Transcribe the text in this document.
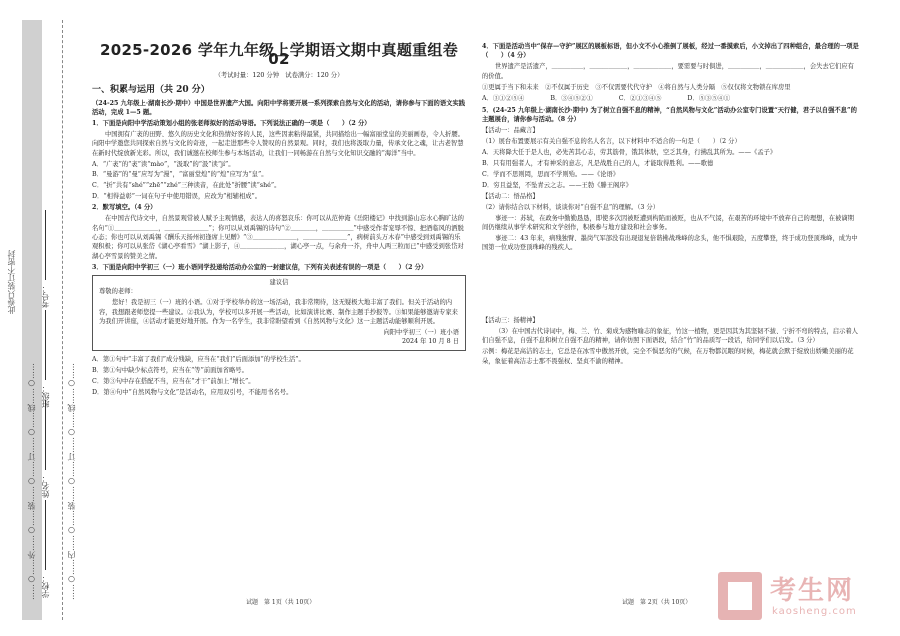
……○……外……○……装……○……订……○……线……○……	……○……内……○……装……○……订……○……线……○……
此卷只装订不密封
学校：
姓名：
班级：
考号：
2025-2026 学年九年级上学期语文期中真题重组卷 02
（考试时量：120 分钟　试卷满分：120 分）
一、积累与运用（共 20 分）

（24-25 九年级上·湖南长沙·期中）中国是世界遗产大国。向阳中学将要开展一系列探索自然与文化的活动，请你参与下面的语文实践活动，完成 1—5 题。

1．下面是向阳中学活动策划小组的张老师拟好的活动导语。下列说法正确的一项是（　　）（2 分）

中国拥有广袤的田野、悠久的历史文化和热情好客的人民，这些因素粘得最紧，共同描绘出一幅富丽堂皇的美丽画卷，令人折腰。向阳中学邀您共同探索自然与文化的奇迹，一起走进那些令人赞叹的自然景观。同时，我们也将汲取力量，传承文化之魂，让古老智慧在新时代绽放新光彩。所以，我们诚邀在校师生参与本场活动，让我们一同畅游在自然与文化知识交融的“海洋”当中。

A．“广袤”的“袤”读“mào”，“汲取”的“汲”读“jí”。

B．“曼游”的“曼”应写为“漫”，“富丽堂煌”的“煌”应写为“皇”。

C．“折”共有“shé”“zhē”“zhé”三种读音，在此处“折腰”读“shé”。

D．“相得益彰”一词在句子中使用错误，应改为“相辅相成”。

2．默写填空。（4 分）

在中国古代诗文中，自然景观常被人赋予主观情感，表达人的喜怒哀乐：你可以从范仲淹《岳阳楼记》中找到游山忘水心胸旷达的名句“①＿＿＿＿＿＿＿，＿＿＿＿＿＿＿”；你可以从刘禹锡的诗句“②＿＿＿＿，＿＿＿＿＿”中感受作者宠辱不惊、把酒临风的洒脱心态；你也可以从刘禹锡《酬乐天扬州初逢席上见赠》“③＿＿＿＿＿＿＿，＿＿＿＿＿＿＿”，病树前头万木春”中感受到刘禹锡的乐观积极；你可以从张岱《湖心亭看雪》“湖上影子，④＿＿＿＿＿＿＿，湖心亭一点，与余舟一芥，舟中人两三粒而已”中感受到张岱对湖心亭雪景的赞美之情。

3．下面是向阳中学初三（一）班小语同学投递给活动办公室的一封建议信，下列有关表述有误的一项是（　　）（2 分）

建议信

尊敬的老师：

您好！我是初三（一）班的小语。①对于学校举办的这一场活动，我非常期待，这无疑极大地丰富了我们。但关于活动的内容，我想跟老师您提一些建议。②我认为，学校可以多开展一些活动，比如演讲比赛、制作主题手抄报等。③如果能够邀请专家来为我们开讲座，④活动才能更好地开展。作为一名学生，我非常盼望看到《自然风物与文化》这一主题活动能够顺利开展。

向阳中学初三（一）班小语
2024 年 10 月 8 日

A．第①句中“丰富了我们”成分残缺，应当在“我们”后面添加“的学校生活”。

B．第①句中缺少标点符号，应当在“等”前面加省略号。

C．第③句中存在搭配不当，应当在“才干”前加上“增长”。

D．第④句中“自然风物与文化”是活动名，应用双引号，不能用书名号。

试题　第 1页（共 10页）

4．下面是活动当中“保存—守护”展区的展板标语，但小文不小心推倒了展板，经过一番摸索后，小文掉出了四种组合，最合理的一项是（　　）（4 分）

世界遗产是活遗产，＿＿＿＿＿，＿＿＿＿＿＿，＿＿＿＿＿＿，要需要与时俱进，＿＿＿＿＿，＿＿＿＿＿＿，会失去它们应有的价值。

①更属于当下和未来　②不仅属于历史　③不仅需要代代守护　④将自然与人类分隔　⑤仅仅将文物锁在库房里

A．③①②⑤④	B．③④⑤②①	C．②①③④⑤	D．⑤③⑤④①

5．(24-25 九年级上·湖南长沙·期中) 为了树立自强不息的精神，“自然风物与文化”活动办公室专门设置“天行健，君子以自强不息”的主题展台，请你参与活动。（8 分）

【活动一：品藏言】

（1）展台布置要展示有关自强不息的名人名言，以下材料中不适合的一句是（　　）（2 分）

A．天将降大任于是人也，必先苦其心志，劳其筋骨，饿其体肤，空乏其身，行拂乱其所为。——《孟子》

B．只有用强者人，才有神采的意志，凡是战胜自己的人，才能取得胜利。——歌德

C．学而不思则罔，思而不学则殆。——《论语》

D．穷且益坚，不坠青云之志。——王勃《滕王阁序》

【活动二：悟品格】

（2）请你结合以下材料，谈谈你对“自强不息”的理解。（3 分）

事迹一：苏轼，在政务中勤勤恳恳，即使多次因被贬遭到构陷而被贬，也从不气馁，在艰苦的环境中不放弃自己的理想，在被谪期间仍继续从事学术研究和文学创作，积极参与地方建设和社会事务。

事迹二：43 年来，病残独臂、墨岗气军部没有出现退复倍谐拂战珠峰的念头，他不惧艰险，五度攀登，终于成功登顶珠峰，成为中国第一位成功登顶珠峰的残疾人。

【活动三：扬精神】

（3）在中国古代诗词中，梅、兰、竹、菊成为感物喻志的象征，竹这一植物，更是因其为其坚韧不拔、宁折不弯的特点，启示着人们自强不息，自强不息和树立自强不息的精神，请你仿照下面语段，结合“竹”的品质写一段话，给同学们以启发。（3 分）

示例：梅花是高洁的志士，它总是在冰雪中傲然开放，完全不惧恶劣的气候，在万物都沉眠的时候，梅花就会默于绽放出娇嫩美丽的花朵，象征着高洁志士那不畏强权、坚贞不渝的精神。

试题　第 2页（共 10页）	考生网
kaosheng.com
